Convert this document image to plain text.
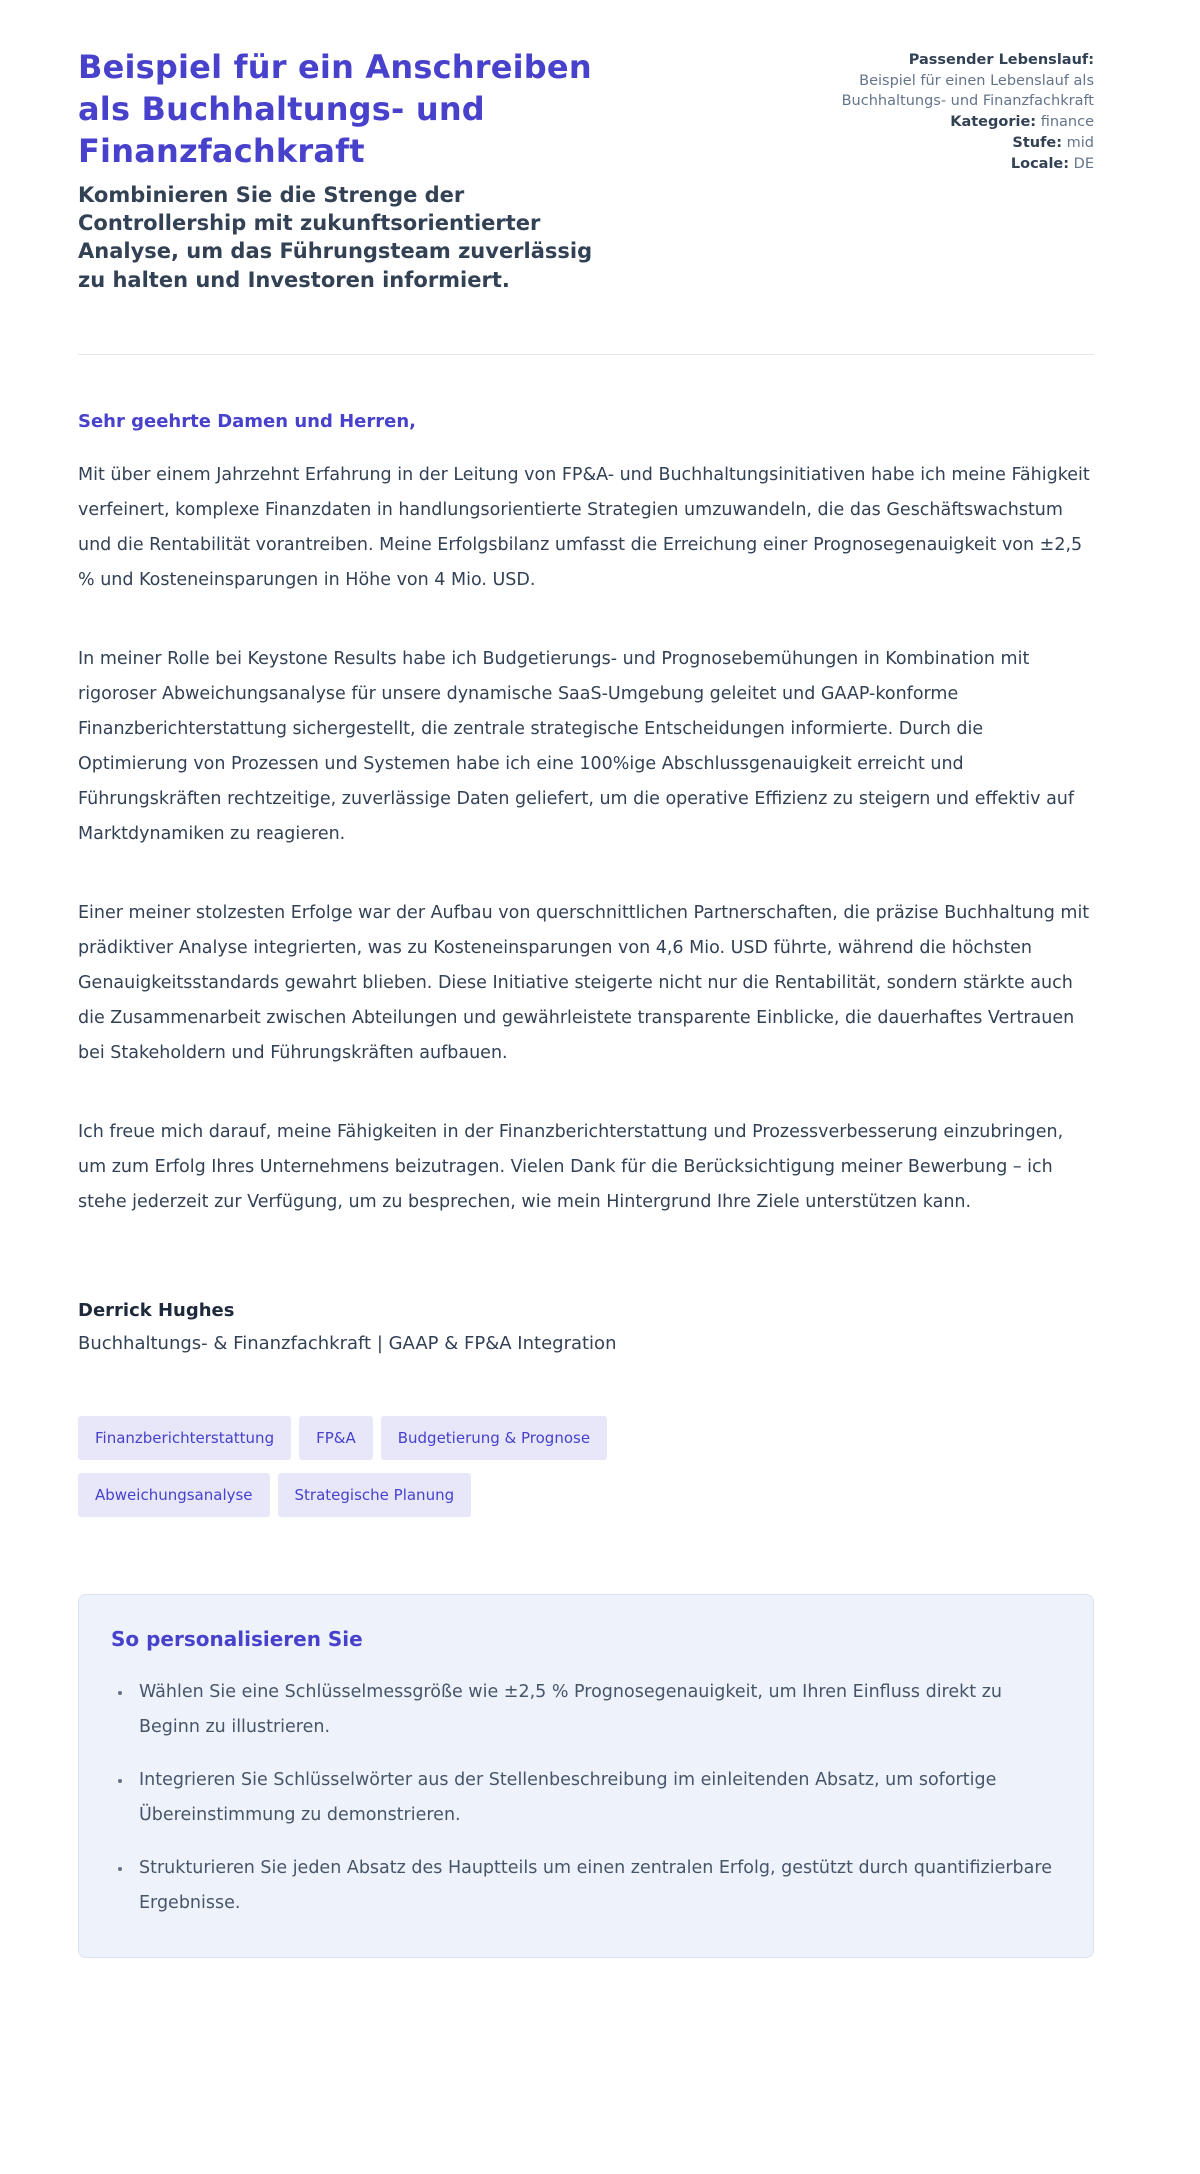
Beispiel für ein Anschreiben als Buchhaltungs- und Finanzfachkraft
Kombinieren Sie die Strenge der Controllership mit zukunftsorientierter Analyse, um das Führungsteam zuverlässig zu halten und Investoren informiert.
Passender Lebenslauf:
Beispiel für einen Lebenslauf als Buchhaltungs- und Finanzfachkraft
Kategorie: finance
Stufe: mid
Locale: DE
Sehr geehrte Damen und Herren,

Mit über einem Jahrzehnt Erfahrung in der Leitung von FP&A- und Buchhaltungsinitiativen habe ich meine Fähigkeit verfeinert, komplexe Finanzdaten in handlungsorientierte Strategien umzuwandeln, die das Geschäftswachstum und die Rentabilität vorantreiben. Meine Erfolgsbilanz umfasst die Erreichung einer Prognosegenauigkeit von ±2,5 % und Kosteneinsparungen in Höhe von 4 Mio. USD.

In meiner Rolle bei Keystone Results habe ich Budgetierungs- und Prognosebemühungen in Kombination mit rigoroser Abweichungsanalyse für unsere dynamische SaaS-Umgebung geleitet und GAAP-konforme Finanzberichterstattung sichergestellt, die zentrale strategische Entscheidungen informierte. Durch die Optimierung von Prozessen und Systemen habe ich eine 100%ige Abschlussgenauigkeit erreicht und Führungskräften rechtzeitige, zuverlässige Daten geliefert, um die operative Effizienz zu steigern und effektiv auf Marktdynamiken zu reagieren.

Einer meiner stolzesten Erfolge war der Aufbau von querschnittlichen Partnerschaften, die präzise Buchhaltung mit prädiktiver Analyse integrierten, was zu Kosteneinsparungen von 4,6 Mio. USD führte, während die höchsten Genauigkeitsstandards gewahrt blieben. Diese Initiative steigerte nicht nur die Rentabilität, sondern stärkte auch die Zusammenarbeit zwischen Abteilungen und gewährleistete transparente Einblicke, die dauerhaftes Vertrauen bei Stakeholdern und Führungskräften aufbauen.

Ich freue mich darauf, meine Fähigkeiten in der Finanzberichterstattung und Prozessverbesserung einzubringen, um zum Erfolg Ihres Unternehmens beizutragen. Vielen Dank für die Berücksichtigung meiner Bewerbung – ich stehe jederzeit zur Verfügung, um zu besprechen, wie mein Hintergrund Ihre Ziele unterstützen kann.

Derrick Hughes
Buchhaltungs- & Finanzfachkraft | GAAP & FP&A Integration
Finanzberichterstattung	FP&A	Budgetierung & Prognose
Abweichungsanalyse	Strategische Planung
So personalisieren Sie
• Wählen Sie eine Schlüsselmessgröße wie ±2,5 % Prognosegenauigkeit, um Ihren Einfluss direkt zu Beginn zu illustrieren.
• Integrieren Sie Schlüsselwörter aus der Stellenbeschreibung im einleitenden Absatz, um sofortige Übereinstimmung zu demonstrieren.
• Strukturieren Sie jeden Absatz des Hauptteils um einen zentralen Erfolg, gestützt durch quantifizierbare Ergebnisse.
